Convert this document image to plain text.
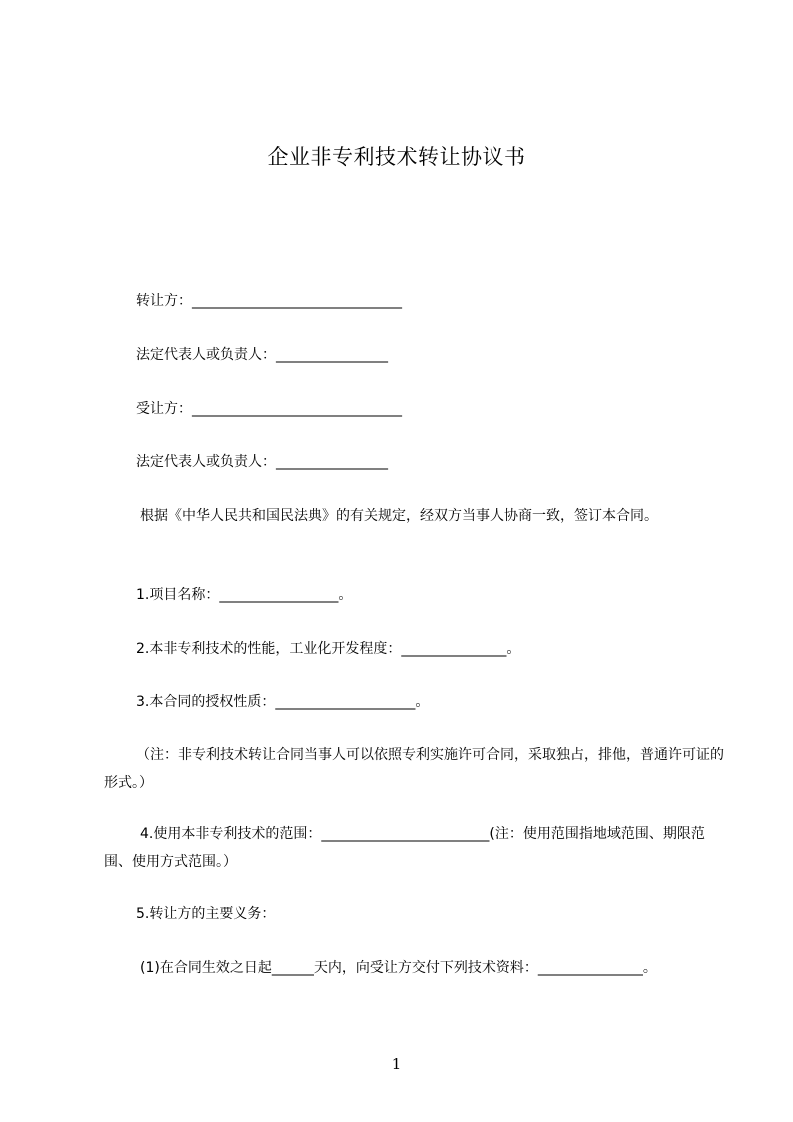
企业非专利技术转让协议书
转让方：______________________________
法定代表人或负责人：________________
受让方：______________________________
法定代表人或负责人：________________
根据《中华人民共和国民法典》的有关规定，经双方当事人协商一致，签订本合同。
1.项目名称：_________________。
2.本非专利技术的性能，工业化开发程度：_______________。
3.本合同的授权性质：____________________。
（注：非专利技术转让合同当事人可以依照专利实施许可合同，采取独占，排他，普通许可证的形式。）
4.使用本非专利技术的范围：________________________(注：使用范围指地域范围、期限范围、使用方式范围。）
5.转让方的主要义务：
(1)在合同生效之日起______天内，向受让方交付下列技术资料：_______________。
1
